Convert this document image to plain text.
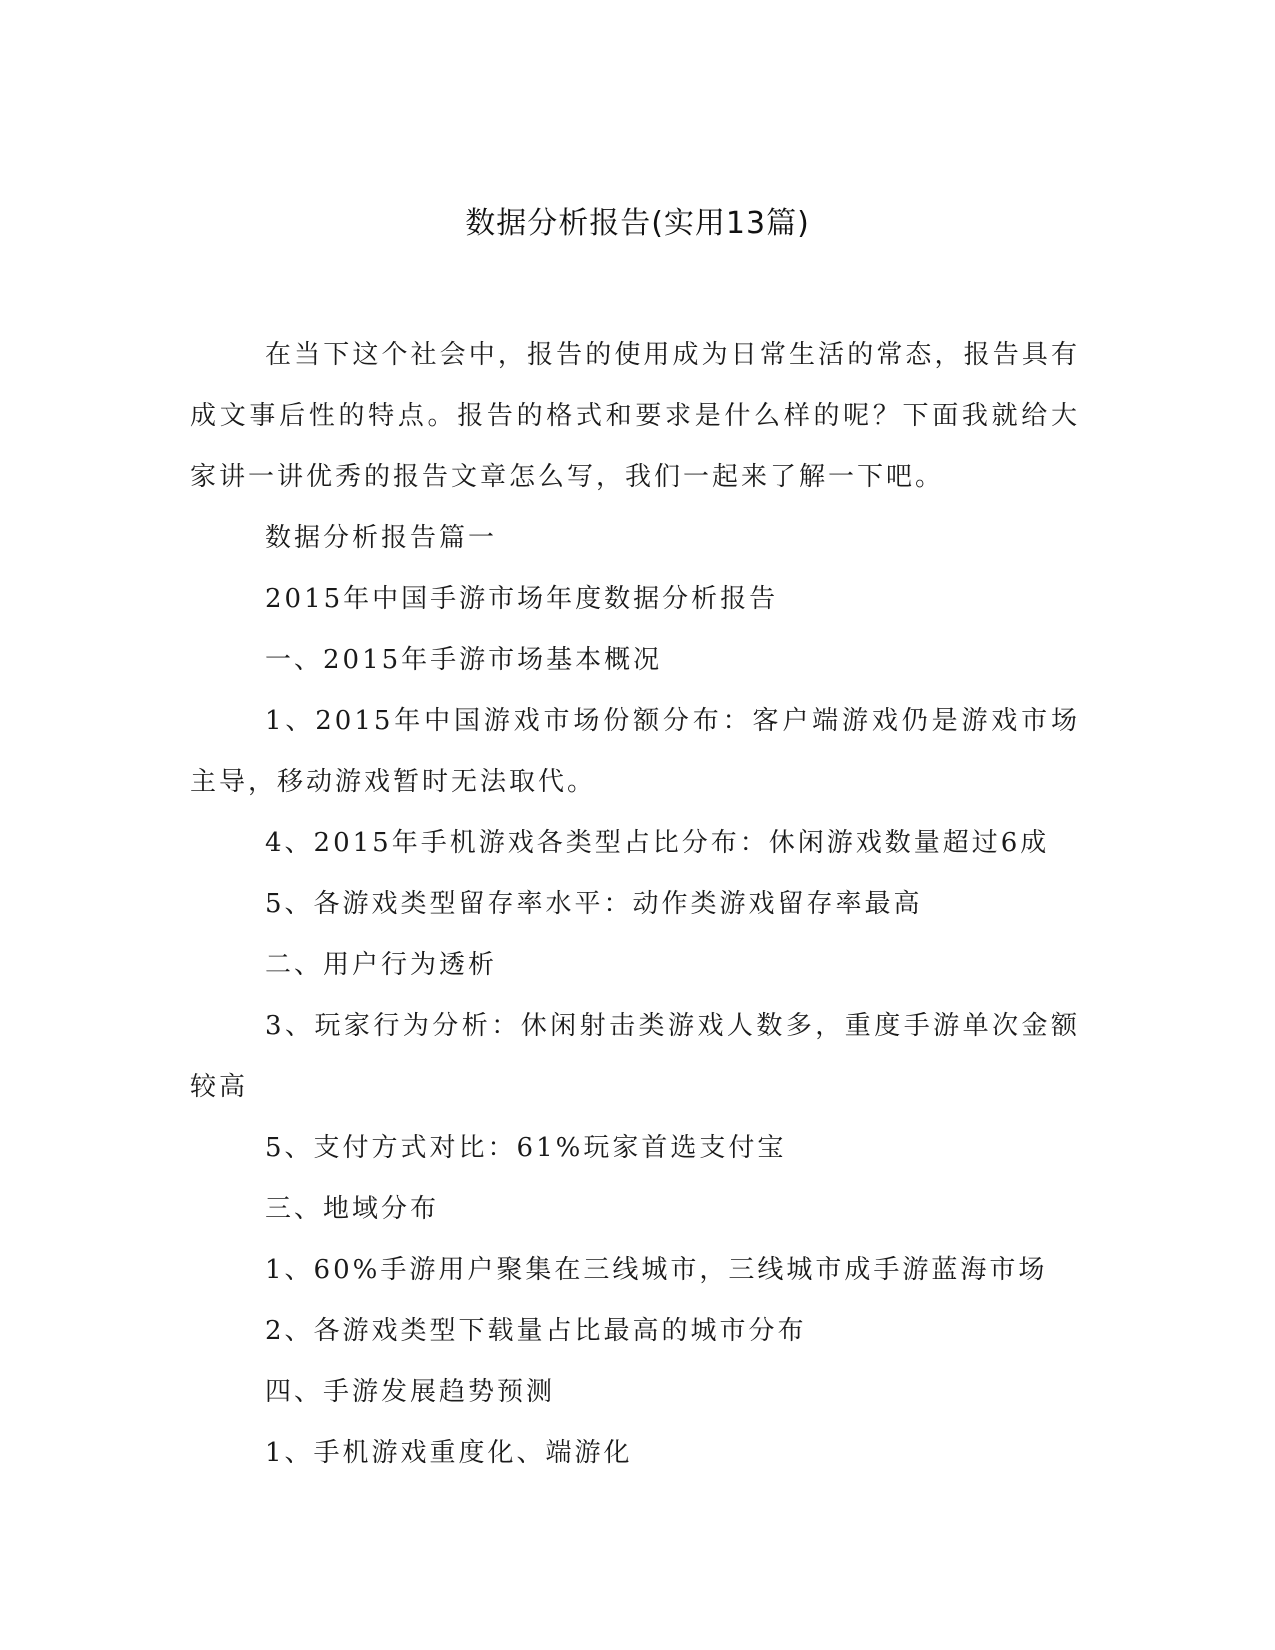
数据分析报告(实用13篇)

在当下这个社会中，报告的使用成为日常生活的常态，报告具有成文事后性的特点。报告的格式和要求是什么样的呢？下面我就给大家讲一讲优秀的报告文章怎么写，我们一起来了解一下吧。

数据分析报告篇一

2015年中国手游市场年度数据分析报告

一、2015年手游市场基本概况

1、2015年中国游戏市场份额分布：客户端游戏仍是游戏市场主导，移动游戏暂时无法取代。

4、2015年手机游戏各类型占比分布：休闲游戏数量超过6成

5、各游戏类型留存率水平：动作类游戏留存率最高

二、用户行为透析

3、玩家行为分析：休闲射击类游戏人数多，重度手游单次金额较高

5、支付方式对比：61%玩家首选支付宝

三、地域分布

1、60%手游用户聚集在三线城市，三线城市成手游蓝海市场

2、各游戏类型下载量占比最高的城市分布

四、手游发展趋势预测

1、手机游戏重度化、端游化
